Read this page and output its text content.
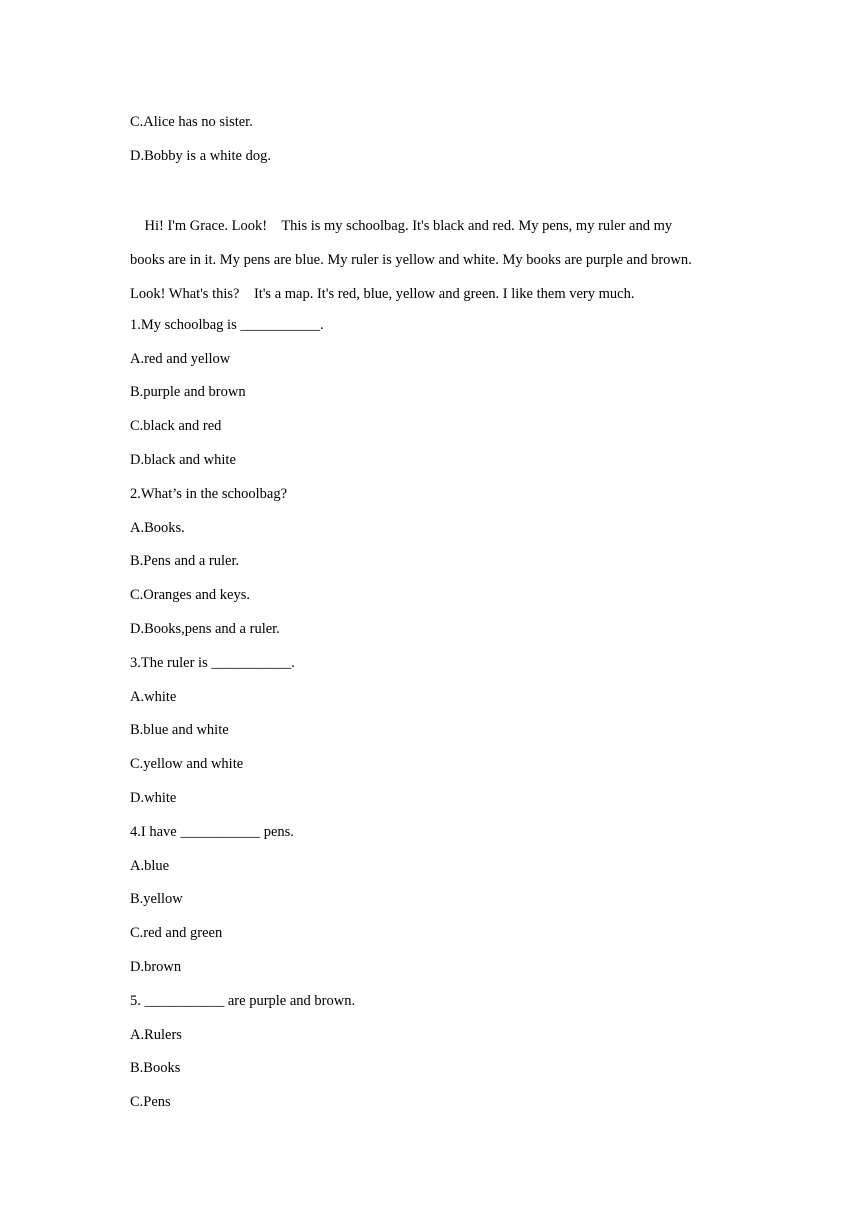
C.Alice has no sister.
D.Bobby is a white dog.
Hi! I'm Grace. Look!    This is my schoolbag. It's black and red. My pens, my ruler and my
books are in it. My pens are blue. My ruler is yellow and white. My books are purple and brown.
Look! What's this?    It's a map. It's red, blue, yellow and green. I like them very much.
1.My schoolbag is ___________.
A.red and yellow
B.purple and brown
C.black and red
D.black and white
2.What’s in the schoolbag?
A.Books.
B.Pens and a ruler.
C.Oranges and keys.
D.Books,pens and a ruler.
3.The ruler is ___________.
A.white
B.blue and white
C.yellow and white
D.white
4.I have ___________ pens.
A.blue
B.yellow
C.red and green
D.brown
5. ___________ are purple and brown.
A.Rulers
B.Books
C.Pens
